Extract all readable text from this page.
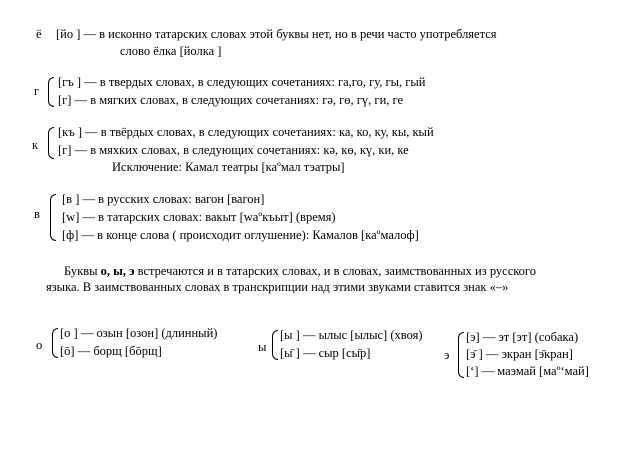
ё [йо ] — в исконно татарских словах этой буквы нет, но в речи часто употребляется
слово ёлка [йолка ]
г
[гъ ] — в твердых словах, в следующих сочетаниях: га,го, гу, гы, гый
[г] — в мягких словах, в следующих сочетаниях: гә, гө, гү, ги, ге
к
[къ ] — в твёрдых словах, в следующих сочетаниях: ка, ко, ку, кы, кый
[г] — в мяхких словах, в следующих сочетаниях: кә, кө, кү, ки, ке
Исключение: Камал театры [каºмал тэатры]
в
[в ] — в русских словах: вагон [вагон]
[w] — в татарских словах: вакыт [waºкъыт] (время)
[ф] — в конце слова ( происходит оглушение): Камалов [каºмалоф]
Буквы о, ы, э встречаются и в татарских словах, и в словах, заимствованных из русского
языка. В заимствованных словах в транскрипции над этими звуками ставится знак «–»
о
[о ] — озын [озон] (длинный)
[ō] — борщ [бōрщ]	ы
[ы ] — ылыс [ылыс] (хвоя)
[ы̄ ] — сыр [сы̄р]	э
[э] — эт [эт] (собака)
[э̄ ] — экран [э̄кран]
[‘] — маэмай [маº‘май]
